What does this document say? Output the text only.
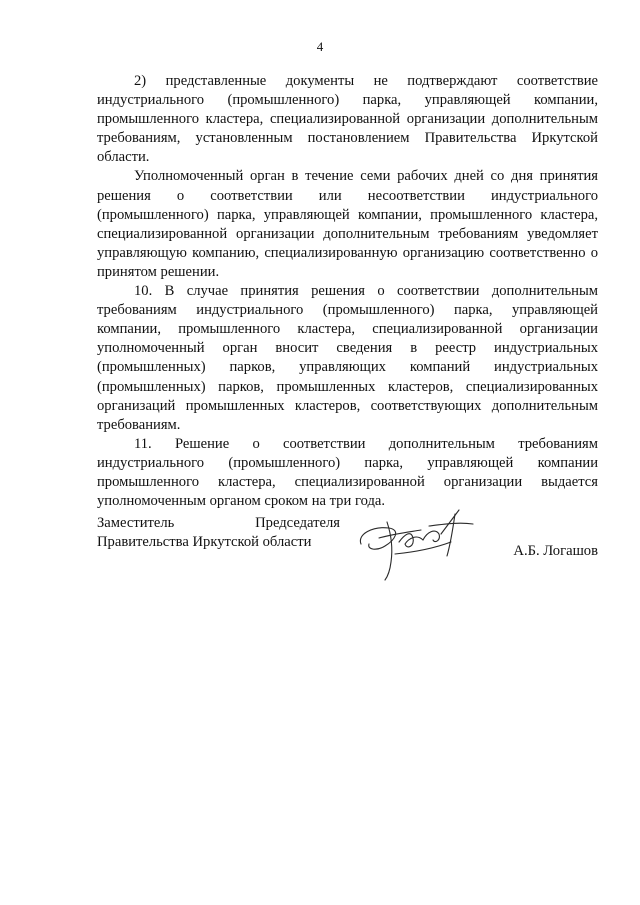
4

2) представленные документы не подтверждают соответствие индустриального (промышленного) парка, управляющей компании, промышленного кластера, специализированной организации дополнительным требованиям, установленным постановлением Правительства Иркутской области.

Уполномоченный орган в течение семи рабочих дней со дня принятия решения о соответствии или несоответствии индустриального (промышленного) парка, управляющей компании, промышленного кластера, специализированной организации дополнительным требованиям уведомляет управляющую компанию, специализированную организацию соответственно о принятом решении.

10. В случае принятия решения о соответствии дополнительным требованиям индустриального (промышленного) парка, управляющей компании, промышленного кластера, специализированной организации уполномоченный орган вносит сведения в реестр индустриальных (промышленных) парков, управляющих компаний индустриальных (промышленных) парков, промышленных кластеров, специализированных организаций промышленных кластеров, соответствующих дополнительным требованиям.

11. Решение о соответствии дополнительным требованиям индустриального (промышленного) парка, управляющей компании промышленного кластера, специализированной организации выдается уполномоченным органом сроком на три года.

Заместитель Председателя
Правительства Иркутской области
А.Б. Логашов
